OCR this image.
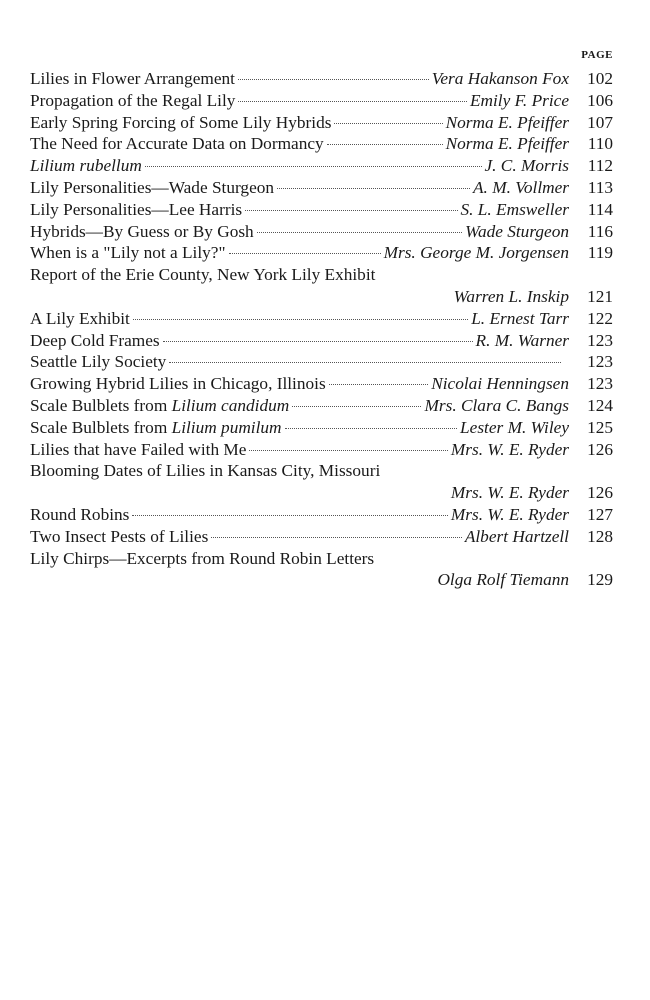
PAGE
Lilies in Flower Arrangement	Vera Hakanson Fox	102
Propagation of the Regal Lily	Emily F. Price	106
Early Spring Forcing of Some Lily Hybrids	Norma E. Pfeiffer	107
The Need for Accurate Data on Dormancy	Norma E. Pfeiffer	110
Lilium rubellum	J. C. Morris	112
Lily Personalities—Wade Sturgeon	A. M. Vollmer	113
Lily Personalities—Lee Harris	S. L. Emsweller	114
Hybrids—By Guess or By Gosh	Wade Sturgeon	116
When is a "Lily not a Lily?"	Mrs. George M. Jorgensen	119
Report of the Erie County, New York Lily Exhibit
Warren L. Inskip	121
A Lily Exhibit	L. Ernest Tarr	122
Deep Cold Frames	R. M. Warner	123
Seattle Lily Society	123
Growing Hybrid Lilies in Chicago, Illinois	Nicolai Henningsen	123
Scale Bulblets from Lilium candidum	Mrs. Clara C. Bangs	124
Scale Bulblets from Lilium pumilum	Lester M. Wiley	125
Lilies that have Failed with Me	Mrs. W. E. Ryder	126
Blooming Dates of Lilies in Kansas City, Missouri
Mrs. W. E. Ryder	126
Round Robins	Mrs. W. E. Ryder	127
Two Insect Pests of Lilies	Albert Hartzell	128
Lily Chirps—Excerpts from Round Robin Letters
Olga Rolf Tiemann	129
